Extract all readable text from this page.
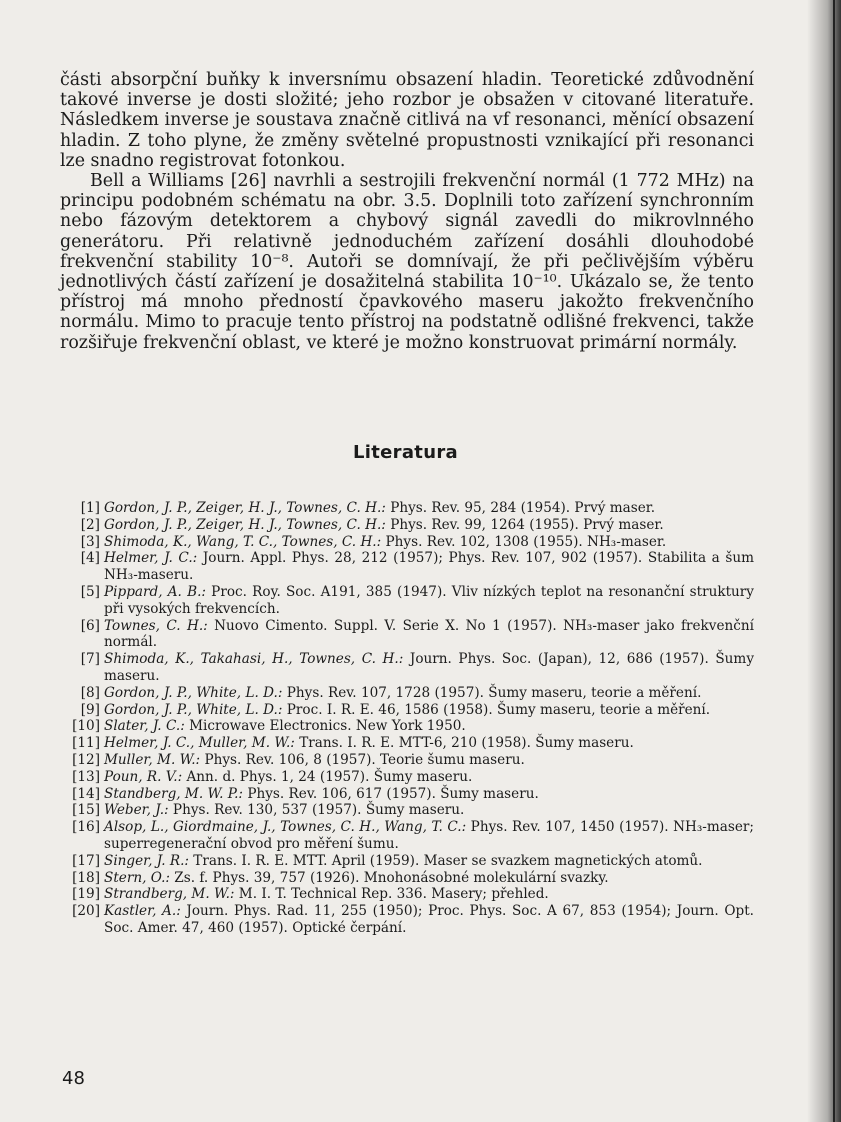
části absorpční buňky k inversnímu obsazení hladin. Teoretické zdůvodnění takové inverse je dosti složité; jeho rozbor je obsažen v citované literatuře. Následkem inverse je soustava značně citlivá na vf resonanci, měnící obsazení hladin. Z toho plyne, že změny světelné propustnosti vznikající při resonanci lze snadno registrovat fotonkou.

Bell a Williams [26] navrhli a sestrojili frekvenční normál (1 772 MHz) na principu podobném schématu na obr. 3.5. Doplnili toto zařízení synchronním nebo fázovým detektorem a chybový signál zavedli do mikrovlnného generátoru. Při relativně jednoduchém zařízení dosáhli dlouhodobé frekvenční stability 10⁻⁸. Autoři se domnívají, že při pečlivějším výběru jednotlivých částí zařízení je dosažitelná stabilita 10⁻¹⁰. Ukázalo se, že tento přístroj má mnoho předností čpavkového maseru jakožto frekvenčního normálu. Mimo to pracuje tento přístroj na podstatně odlišné frekvenci, takže rozšiřuje frekvenční oblast, ve které je možno konstruovat primární normály.

Literatura
[1] Gordon, J. P., Zeiger, H. J., Townes, C. H.: Phys. Rev. 95, 284 (1954). Prvý maser.
[2] Gordon, J. P., Zeiger, H. J., Townes, C. H.: Phys. Rev. 99, 1264 (1955). Prvý maser.
[3] Shimoda, K., Wang, T. C., Townes, C. H.: Phys. Rev. 102, 1308 (1955). NH₃-maser.
[4] Helmer, J. C.: Journ. Appl. Phys. 28, 212 (1957); Phys. Rev. 107, 902 (1957). Stabilita a šum NH₃-maseru.
[5] Pippard, A. B.: Proc. Roy. Soc. A191, 385 (1947). Vliv nízkých teplot na resonanční struktury při vysokých frekvencích.
[6] Townes, C. H.: Nuovo Cimento. Suppl. V. Serie X. No 1 (1957). NH₃-maser jako frekvenční normál.
[7] Shimoda, K., Takahasi, H., Townes, C. H.: Journ. Phys. Soc. (Japan), 12, 686 (1957). Šumy maseru.
[8] Gordon, J. P., White, L. D.: Phys. Rev. 107, 1728 (1957). Šumy maseru, teorie a měření.
[9] Gordon, J. P., White, L. D.: Proc. I. R. E. 46, 1586 (1958). Šumy maseru, teorie a měření.
[10] Slater, J. C.: Microwave Electronics. New York 1950.
[11] Helmer, J. C., Muller, M. W.: Trans. I. R. E. MTT-6, 210 (1958). Šumy maseru.
[12] Muller, M. W.: Phys. Rev. 106, 8 (1957). Teorie šumu maseru.
[13] Poun, R. V.: Ann. d. Phys. 1, 24 (1957). Šumy maseru.
[14] Standberg, M. W. P.: Phys. Rev. 106, 617 (1957). Šumy maseru.
[15] Weber, J.: Phys. Rev. 130, 537 (1957). Šumy maseru.
[16] Alsop, L., Giordmaine, J., Townes, C. H., Wang, T. C.: Phys. Rev. 107, 1450 (1957). NH₃-maser; superregenerační obvod pro měření šumu.
[17] Singer, J. R.: Trans. I. R. E. MTT. April (1959). Maser se svazkem magnetických atomů.
[18] Stern, O.: Zs. f. Phys. 39, 757 (1926). Mnohonásobné molekulární svazky.
[19] Strandberg, M. W.: M. I. T. Technical Rep. 336. Masery; přehled.
[20] Kastler, A.: Journ. Phys. Rad. 11, 255 (1950); Proc. Phys. Soc. A 67, 853 (1954); Journ. Opt. Soc. Amer. 47, 460 (1957). Optické čerpání.
48
